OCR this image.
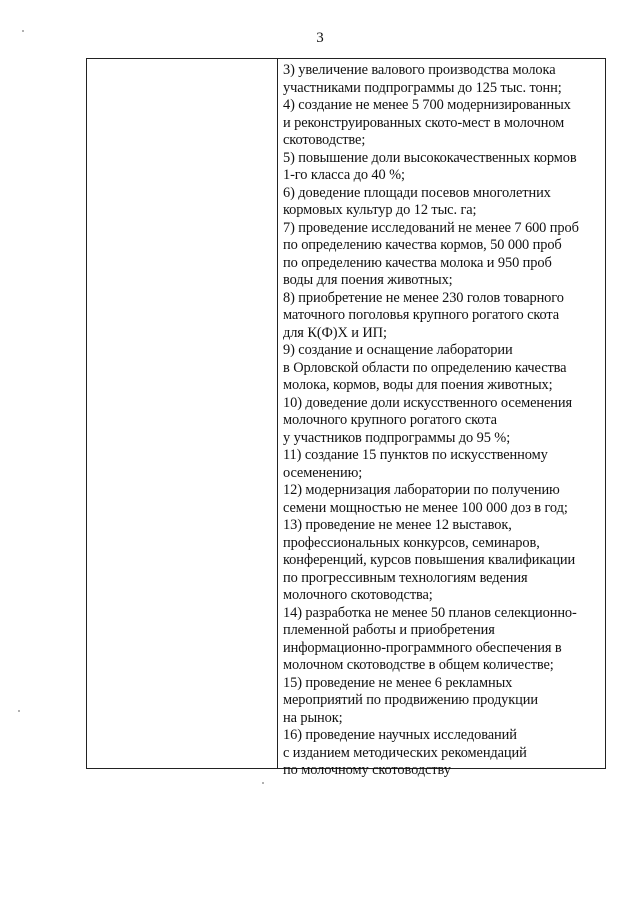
3
3) увеличение валового производства молока
участниками подпрограммы до 125 тыс. тонн;
4) создание не менее 5 700 модернизированных
и реконструированных ското-мест в молочном
скотоводстве;
5) повышение доли высококачественных кормов
1-го класса до 40 %;
6) доведение площади посевов многолетних
кормовых культур до 12 тыс. га;
7) проведение исследований не менее 7 600 проб
по определению качества кормов, 50 000 проб
по определению качества молока и 950 проб
воды для поения животных;
8) приобретение не менее 230 голов товарного
маточного поголовья крупного рогатого скота
для К(Ф)Х и ИП;
9) создание и оснащение лаборатории
в Орловской области по определению качества
молока, кормов, воды для поения животных;
10) доведение доли искусственного осеменения
молочного крупного рогатого скота
у участников подпрограммы до 95 %;
11) создание 15 пунктов по искусственному
осеменению;
12) модернизация лаборатории по получению
семени мощностью не менее 100 000 доз в год;
13) проведение не менее 12 выставок,
профессиональных конкурсов, семинаров,
конференций, курсов повышения квалификации
по прогрессивным технологиям ведения
молочного скотоводства;
14) разработка не менее 50 планов селекционно-
племенной работы и приобретения
информационно-программного обеспечения в
молочном скотоводстве в общем количестве;
15) проведение не менее 6 рекламных
мероприятий по продвижению продукции
на рынок;
16) проведение научных исследований
с изданием методических рекомендаций
по молочному скотоводству
